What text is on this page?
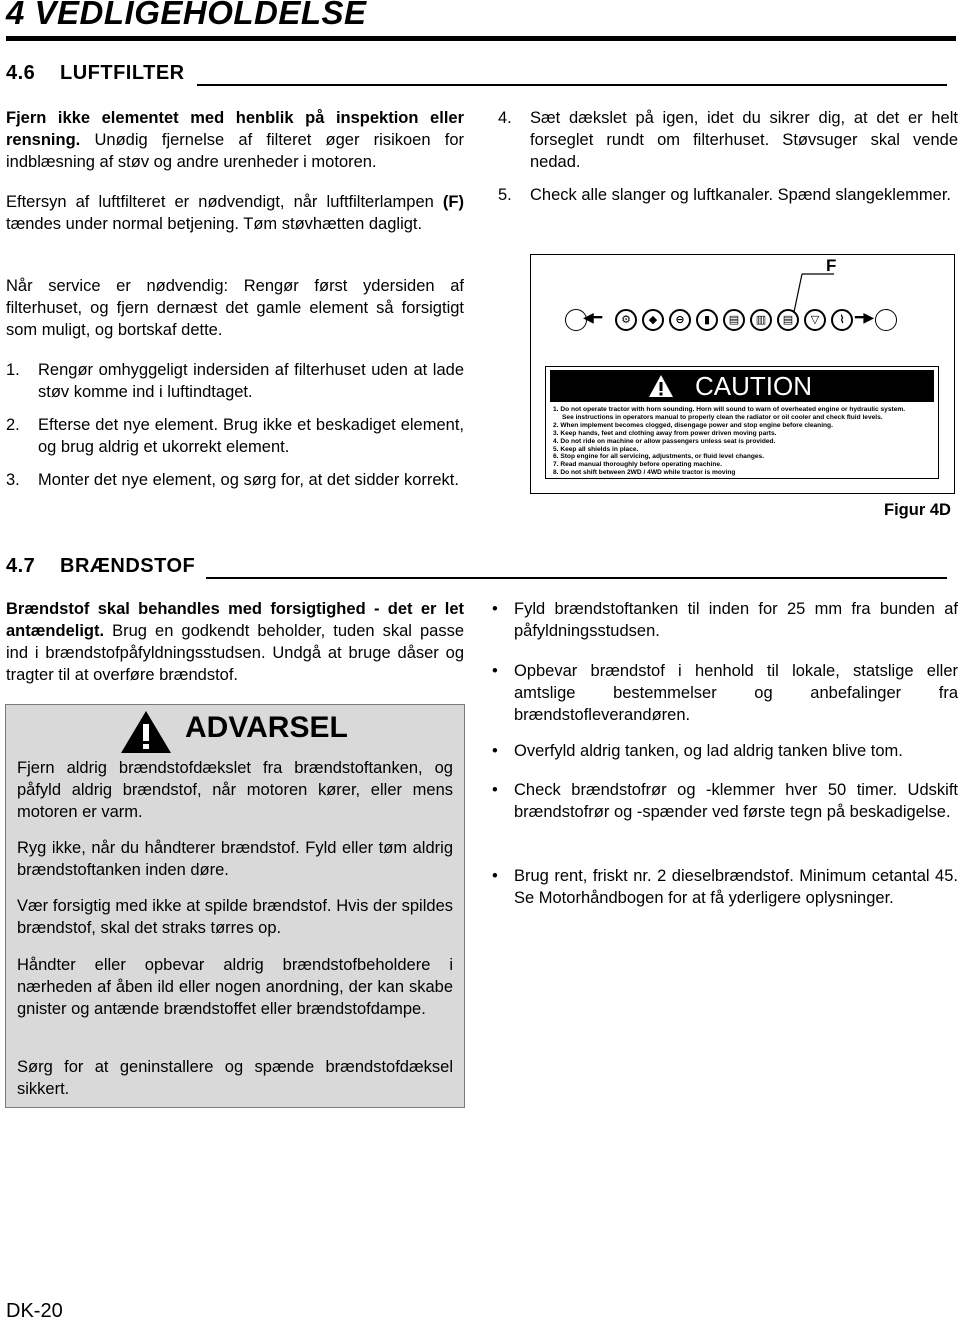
4 VEDLIGEHOLDELSE
4.6 LUFTFILTER

Fjern ikke elementet med henblik på inspektion eller rensning. Unødig fjernelse af filteret øger risikoen for indblæsning af støv og andre urenheder i motoren.

Eftersyn af luftfilteret er nødvendigt, når luftfilterlampen (F) tændes under normal betjening. Tøm støvhætten dagligt.

Når service er nødvendig: Rengør først ydersiden af filterhuset, og fjern dernæst det gamle element så forsigtigt som muligt, og bortskaf dette.

1. Rengør omhyggeligt indersiden af filterhuset uden at lade støv komme ind i luftindtaget.
2. Efterse det nye element. Brug ikke et beskadiget element, og brug aldrig et ukorrekt element.
3. Monter det nye element, og sørg for, at det sidder korrekt.
4. Sæt dækslet på igen, idet du sikrer dig, at det er helt forseglet rundt om filterhuset. Støvsuger skal vende nedad.
5. Check alle slanger og luftkanaler. Spænd slangeklemmer.
F
◀━	⚙	◆	⊖	▮	▤	▥	▤	▽	⌇ ━▶
CAUTION
1. Do not operate tractor with horn sounding. Horn will sound to warn of overheated engine or hydraulic system.
See instructions in operators manual to properly clean the radiator or oil cooler and check fluid levels.
2. When implement becomes clogged, disengage power and stop engine before cleaning.
3. Keep hands, feet and clothing away from power driven moving parts.
4. Do not ride on machine or allow passengers unless seat is provided.
5. Keep all shields in place.
6. Stop engine for all servicing, adjustments, or fluid level changes.
7. Read manual thoroughly before operating machine.
8. Do not shift between 2WD / 4WD while tractor is moving
Figur 4D
4.7 BRÆNDSTOF

Brændstof skal behandles med forsigtighed - det er let antændeligt. Brug en godkendt beholder, tuden skal passe ind i brændstofpåfyldningsstudsen. Undgå at bruge dåser og tragter til at overføre brændstof.

ADVARSEL

Fjern aldrig brændstofdækslet fra brændstoftanken, og påfyld aldrig brændstof, når motoren kører, eller mens motoren er varm.

Ryg ikke, når du håndterer brændstof. Fyld eller tøm aldrig brændstoftanken inden døre.

Vær forsigtig med ikke at spilde brændstof. Hvis der spildes brændstof, skal det straks tørres op.

Håndter eller opbevar aldrig brændstofbeholdere i nærheden af åben ild eller nogen anordning, der kan skabe gnister og antænde brændstoffet eller brændstofdampe.

Sørg for at geninstallere og spænde brændstofdæksel sikkert.

• Fyld brændstoftanken til inden for 25 mm fra bunden af påfyldningsstudsen.
• Opbevar brændstof i henhold til lokale, statslige eller amtslige bestemmelser og anbefalinger fra brændstofleverandøren.
• Overfyld aldrig tanken, og lad aldrig tanken blive tom.
• Check brændstofrør og -klemmer hver 50 timer. Udskift brændstofrør og -spænder ved første tegn på beskadigelse.
• Brug rent, friskt nr. 2 dieselbrændstof. Minimum cetantal 45. Se Motorhåndbogen for at få yderligere oplysninger.
DK-20
